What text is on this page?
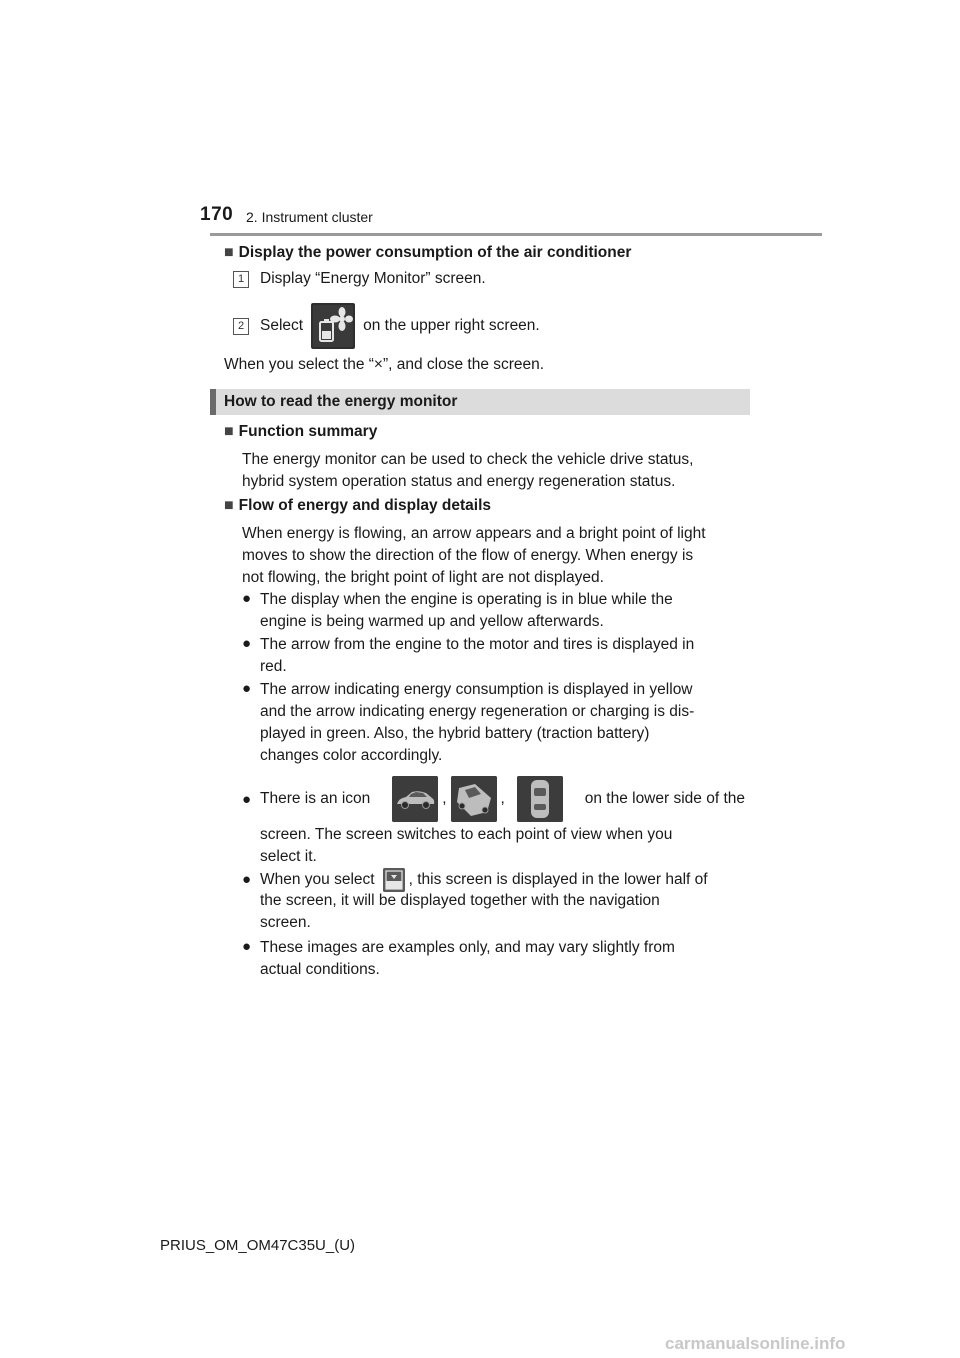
170 2. Instrument cluster
■ Display the power consumption of the air conditioner
1	Display “Energy Monitor” screen.
2	Select	on the upper right screen.
When you select the “×”, and close the screen.
How to read the energy monitor
■ Function summary
The energy monitor can be used to check the vehicle drive status,
hybrid system operation status and energy regeneration status.
■ Flow of energy and display details
When energy is flowing, an arrow appears and a bright point of light
moves to show the direction of the flow of energy. When energy is
not flowing, the bright point of light are not displayed.
● The display when the engine is operating is in blue while the
engine is being warmed up and yellow afterwards.
● The arrow from the engine to the motor and tires is displayed in
red.
● The arrow indicating energy consumption is displayed in yellow
and the arrow indicating energy regeneration or charging is dis-
played in green. Also, the hybrid battery (traction battery)
changes color accordingly.
● There is an icon	,	,	on the lower side of the
screen. The screen switches to each point of view when you
select it.
● When you select , this screen is displayed in the lower half of
the screen, it will be displayed together with the navigation
screen.
● These images are examples only, and may vary slightly from
actual conditions.
PRIUS_OM_OM47C35U_(U)
carmanualsonline.info
